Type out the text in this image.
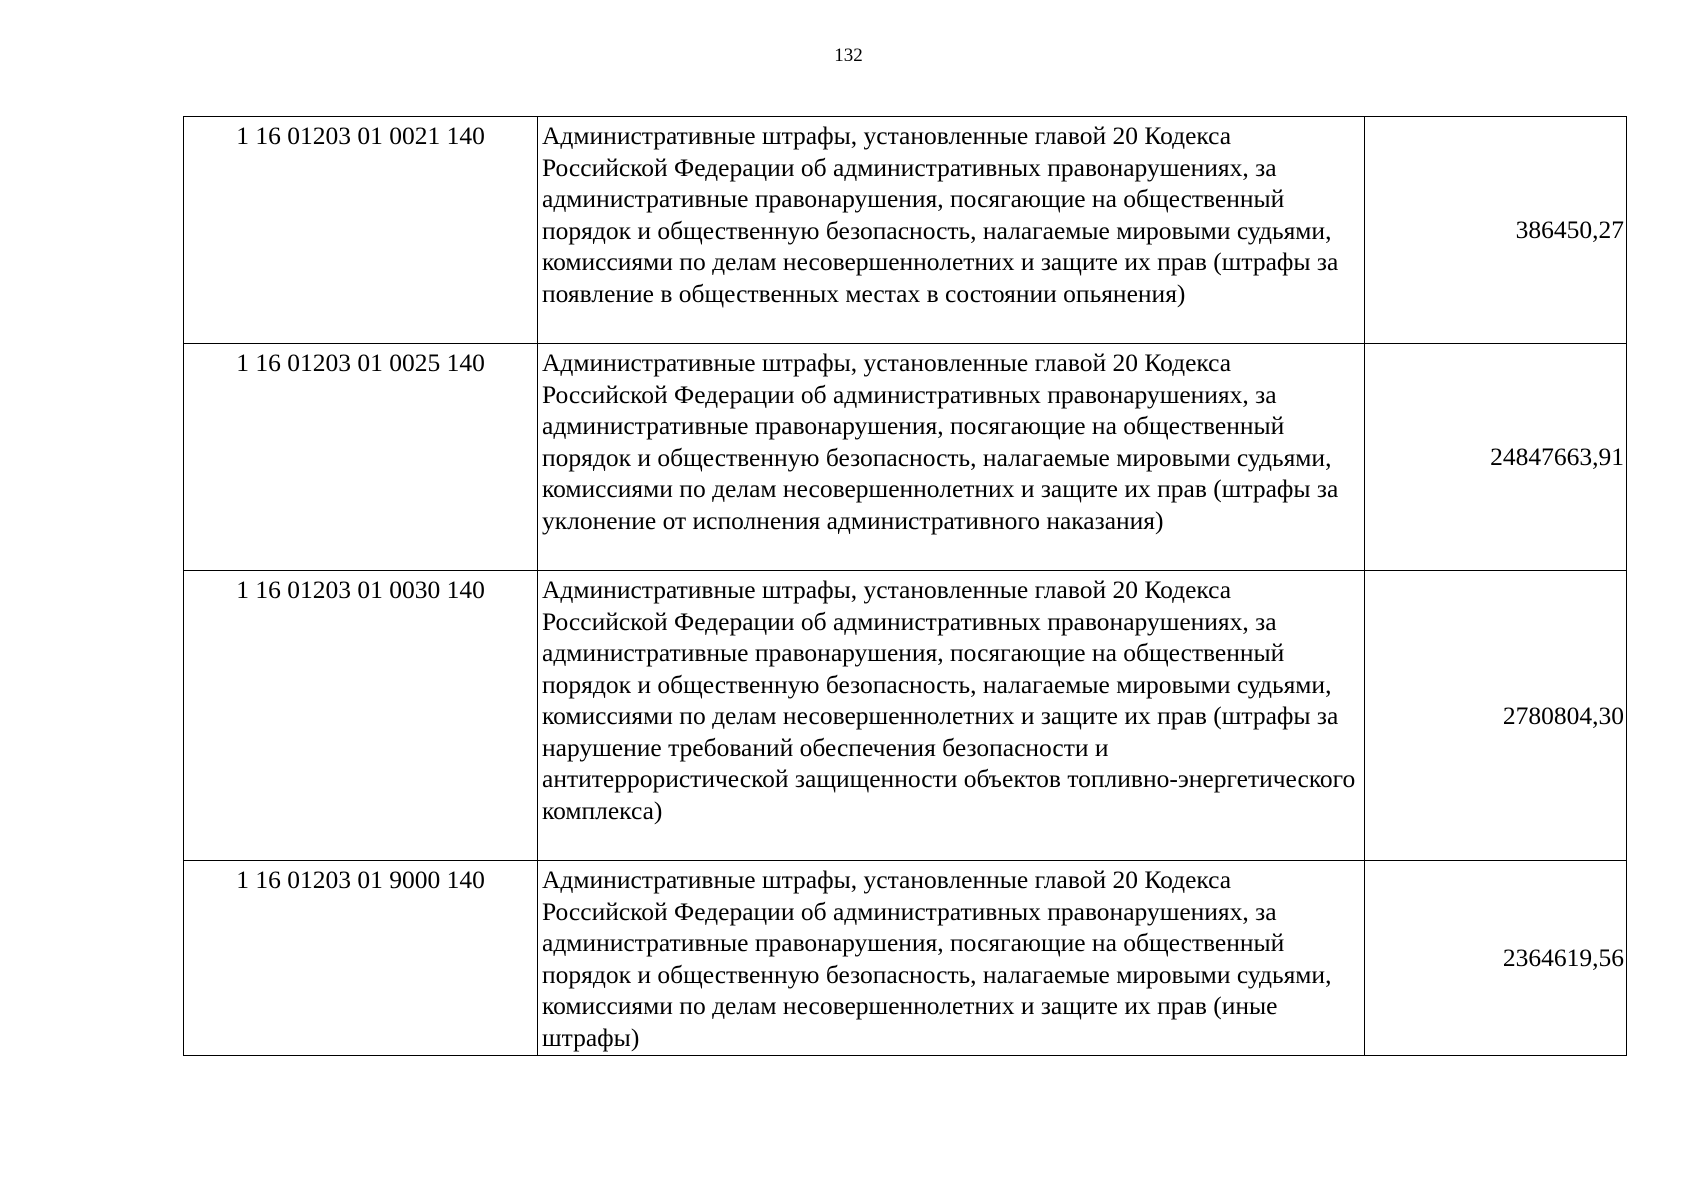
132
1 16 01203 01 0021 140	Административные штрафы, установленные главой 20 Кодекса Российской Федерации об административных правонарушениях, за административные правонарушения, посягающие на общественный порядок и общественную безопасность, налагаемые мировыми судьями, комиссиями по делам несовершеннолетних и защите их прав (штрафы за появление в общественных местах в состоянии опьянения)	386450,27
1 16 01203 01 0025 140	Административные штрафы, установленные главой 20 Кодекса Российской Федерации об административных правонарушениях, за административные правонарушения, посягающие на общественный порядок и общественную безопасность, налагаемые мировыми судьями, комиссиями по делам несовершеннолетних и защите их прав (штрафы за уклонение от исполнения административного наказания)	24847663,91
1 16 01203 01 0030 140	Административные штрафы, установленные главой 20 Кодекса Российской Федерации об административных правонарушениях, за административные правонарушения, посягающие на общественный порядок и общественную безопасность, налагаемые мировыми судьями, комиссиями по делам несовершеннолетних и защите их прав (штрафы за нарушение требований обеспечения безопасности и антитеррористической защищенности объектов топливно-энергетического комплекса)	2780804,30
1 16 01203 01 9000 140	Административные штрафы, установленные главой 20 Кодекса Российской Федерации об административных правонарушениях, за административные правонарушения, посягающие на общественный порядок и общественную безопасность, налагаемые мировыми судьями, комиссиями по делам несовершеннолетних и защите их прав (иные штрафы)	2364619,56
